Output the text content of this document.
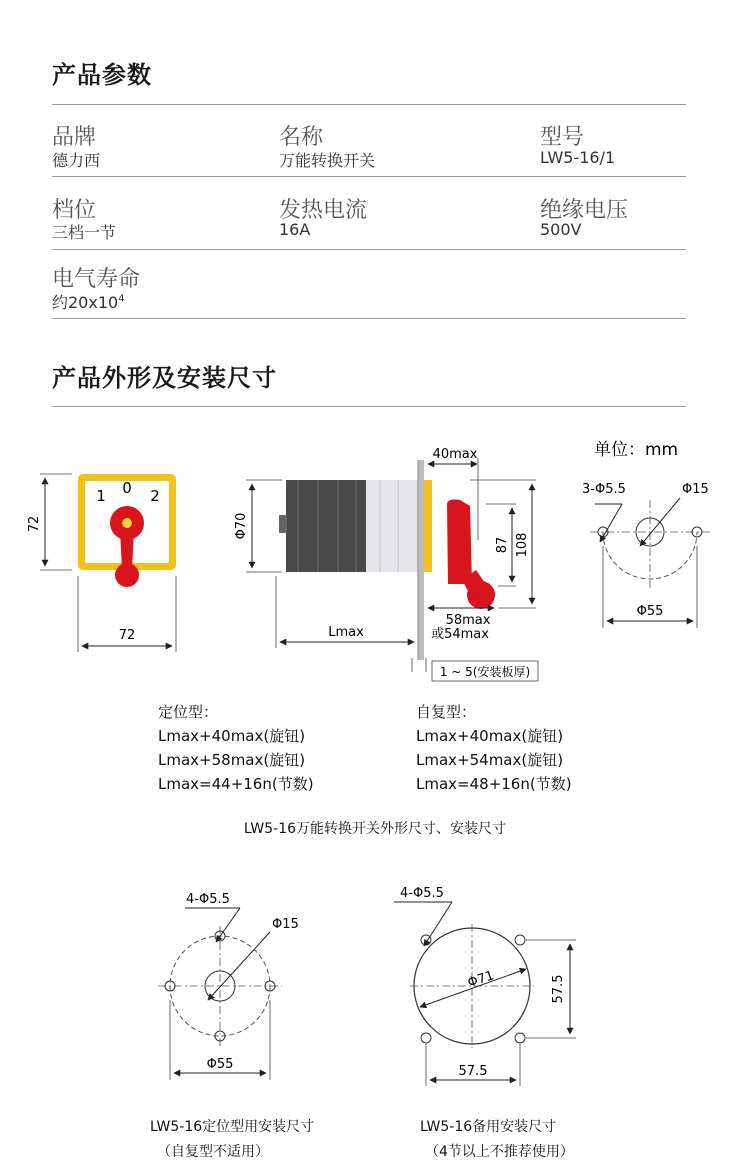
产品参数
品牌
德力西
名称
万能转换开关
型号
LW5-16/1
档位
三档一节
发热电流
16A
绝缘电压
500V
电气寿命
约$20x10^4$
产品外形及安装尺寸
1 0 2
72
72
Φ70
40max
87 108
Lmax
58max
或54max
1 ~ 5(安装板厚)
单位：mm
3-Φ5.5	Φ15
Φ55
定位型：
Lmax+40max(旋钮)
Lmax+58max(旋钮)
Lmax=44+16n(节数)
自复型：
Lmax+40max(旋钮)
Lmax+54max(旋钮)
Lmax=48+16n(节数)
LW5-16万能转换开关外形尺寸、安装尺寸
4-Φ5.5
Φ15
Φ55
4-Φ5.5
Φ71	57.5
57.5
LW5-16定位型用安装尺寸
（自复型不适用）
LW5-16备用安装尺寸
（4节以上不推荐使用）
